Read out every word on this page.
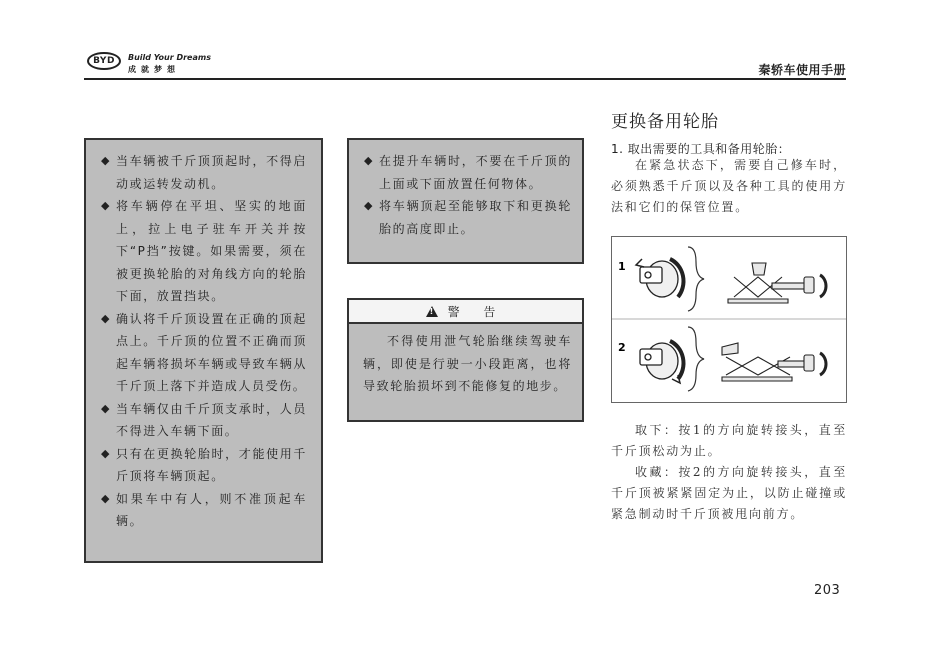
BYD Build Your Dreams
成就梦想	秦轿车使用手册
◆ 当车辆被千斤顶顶起时，不得启动或运转发动机。
◆ 将车辆停在平坦、坚实的地面上，拉上电子驻车开关并按下“P挡”按键。如果需要，须在被更换轮胎的对角线方向的轮胎下面，放置挡块。
◆ 确认将千斤顶设置在正确的顶起点上。千斤顶的位置不正确而顶起车辆将损坏车辆或导致车辆从千斤顶上落下并造成人员受伤。
◆ 当车辆仅由千斤顶支承时，人员不得进入车辆下面。
◆ 只有在更换轮胎时，才能使用千斤顶将车辆顶起。
◆ 如果车中有人，则不准顶起车辆。
◆ 在提升车辆时，不要在千斤顶的上面或下面放置任何物体。
◆ 将车辆顶起至能够取下和更换轮胎的高度即止。
!
警 告
不得使用泄气轮胎继续驾驶车辆，即使是行驶一小段距离，也将导致轮胎损坏到不能修复的地步。
更换备用轮胎
1. 取出需要的工具和备用轮胎：
在紧急状态下，需要自己修车时，必须熟悉千斤顶以及各种工具的使用方法和它们的保管位置。
1
2
取下：按1的方向旋转接头，直至千斤顶松动为止。
收藏：按2的方向旋转接头，直至千斤顶被紧紧固定为止，以防止碰撞或紧急制动时千斤顶被甩向前方。
203
